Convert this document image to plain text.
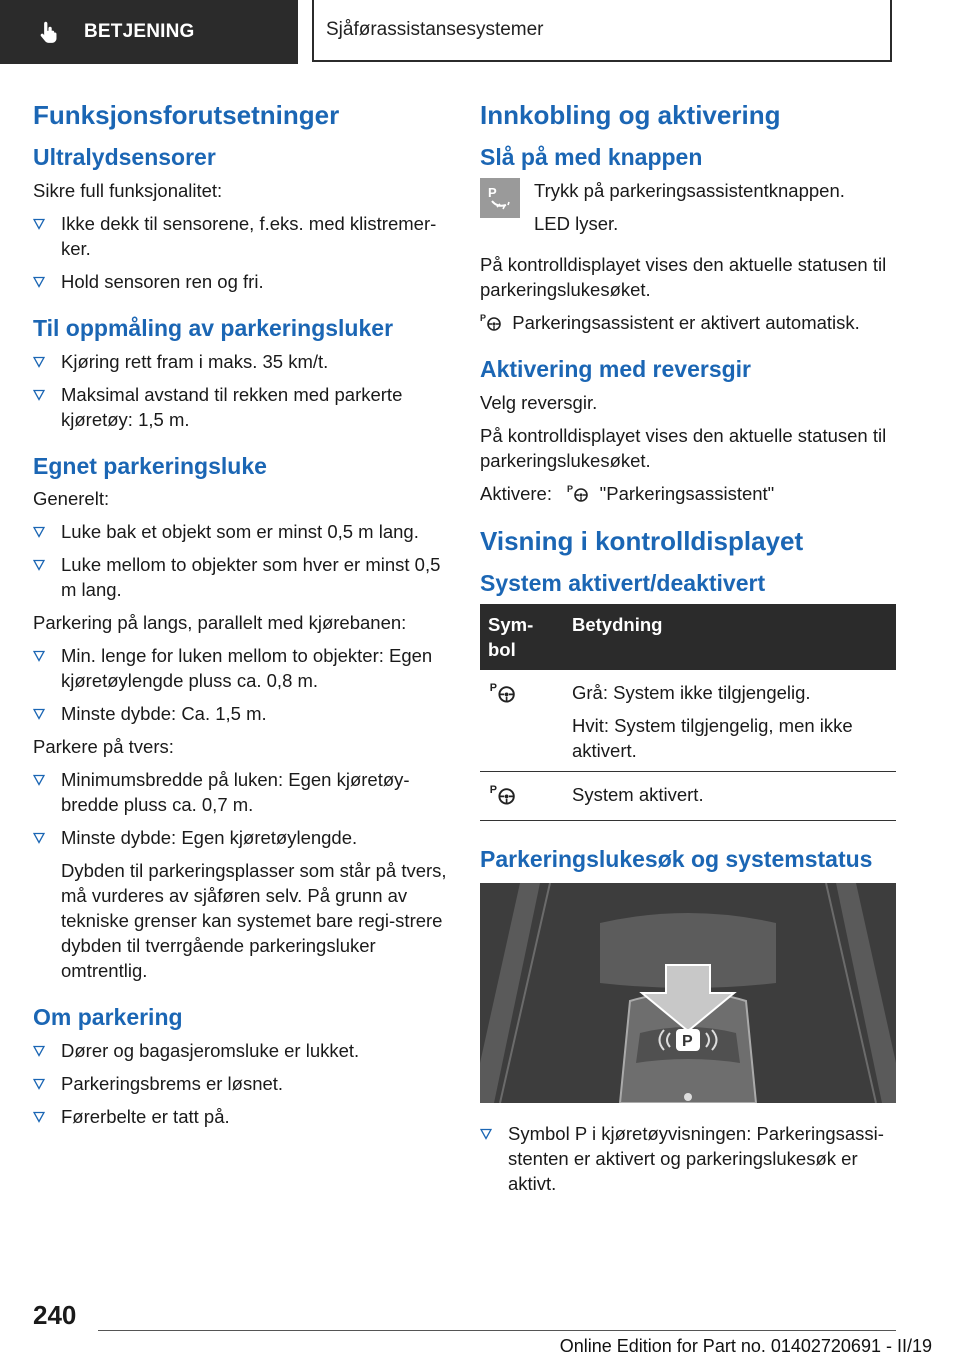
BETJENING	Sjåførassistansesystemer
Funksjonsforutsetninger
Ultralydsensorer

Sikre full funksjonalitet:

Ikke dekk til sensorene, f.eks. med klistremer-ker.
Hold sensoren ren og fri.
Til oppmåling av parkeringsluker
Kjøring rett fram i maks. 35 km/t.
Maksimal avstand til rekken med parkerte kjøretøy: 1,5 m.
Egnet parkeringsluke

Generelt:

Luke bak et objekt som er minst 0,5 m lang.
Luke mellom to objekter som hver er minst 0,5 m lang.

Parkering på langs, parallelt med kjørebanen:

Min. lenge for luken mellom to objekter: Egen kjøretøylengde pluss ca. 0,8 m.
Minste dybde: Ca. 1,5 m.

Parkere på tvers:

Minimumsbredde på luken: Egen kjøretøy-bredde pluss ca. 0,7 m.
Minste dybde: Egen kjøretøylengde.

Dybden til parkeringsplasser som står på tvers, må vurderes av sjåføren selv. På grunn av tekniske grenser kan systemet bare regi-strere dybden til tverrgående parkeringsluker omtrentlig.

Om parkering
Dører og bagasjeromsluke er lukket.
Parkeringsbrems er løsnet.
Førerbelte er tatt på.
Innkobling og aktivering
Slå på med knappen
P Trykk på parkeringsassistentknappen.

LED lyser.

På kontrolldisplayet vises den aktuelle statusen til parkeringslukesøket.

P Parkeringsassistent er aktivert automatisk.

Aktivering med reversgir

Velg reversgir.

På kontrolldisplayet vises den aktuelle statusen til parkeringslukesøket.

Aktivere: P "Parkeringsassistent"

Visning i kontrolldisplayet
System aktivert/deaktivert
Sym-bol	Betydning

P	Grå: System ikke tilgjengelig.

Hvit: System tilgjengelig, men ikke aktivert.

P	System aktivert.
Parkeringslukesøk og systemstatus
P
Symbol P i kjøretøyvisningen: Parkeringsassi-stenten er aktivert og parkeringslukesøk er aktivt.
240
Online Edition for Part no. 01402720691 - II/19
